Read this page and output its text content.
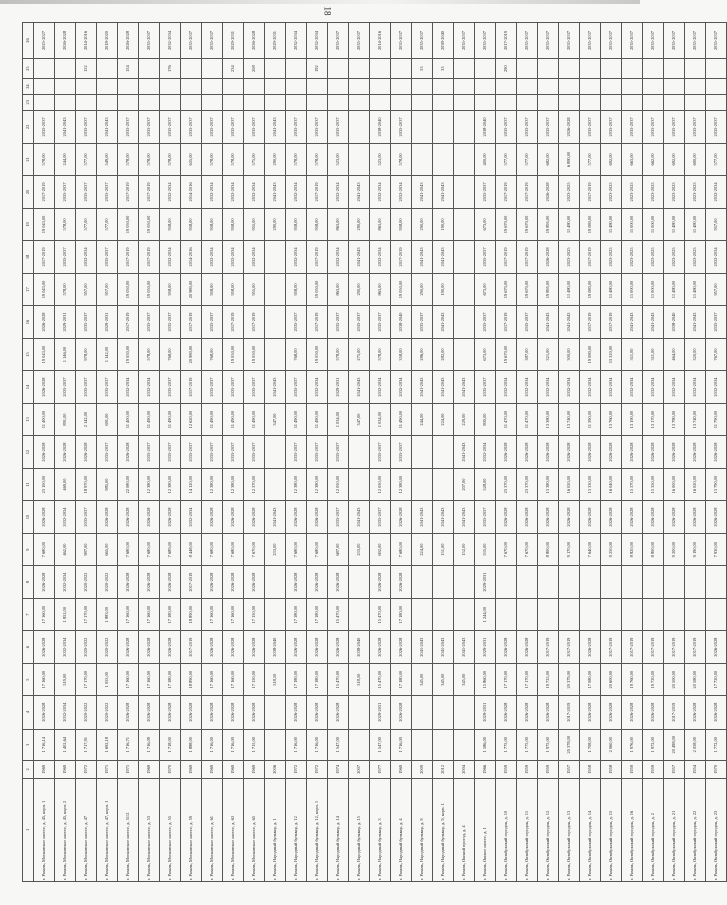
18
1	2	3	4	5	6	7	8	9	10	11	12	13	14	15	16	17	18	19	20	21	22	23	24	25	26
г. Рязань, Московское шоссе, д. 45, корп. 1	1969	1 716,14	2026-2028	17 160,00	2026-2028	17 160,00	2026-2028	7 680,00	2026-2028	23 100,00	2026-2028	11 400,00	2026-2028	19 043,00	2026-2028	19 043,00	2017-2019	19 043,00	2017-2019	578,00	2035-2037				2025-2027
г. Рязань, Московское шоссе, д. 45, корп. 2	1969	1 402,64	2032-2034	519,00	2032-2034	1 852,00	2032-2034	462,00	2032-2034	469,00	2026-2028	891,00	2035-2037	1 146,00	2029-2031	578,00	2035-2037	578,00	2035-2037	244,00	2041-2043				2026-2028
г. Рязань, Московское шоссе, д. 47	1972	1 717,91	2020-2022	17 170,00	2020-2022	17 170,00	2020-2022	987,00	2035-2037	18 970,00	2026-2028	2 142,00	2035-2037	978,00	2035-2037	957,00	2032-2034	577,00	2035-2037	577,00	2035-2037			152	2014-2016
г. Рязань, Московское шоссе, д. 47, корп. 1	1971	1 692,18	2020-2022	1 055,00	2020-2022	1 883,00	2020-2022	665,00	2026-2028	985,00	2035-2037	691,00	2035-2037	1 142,00	2029-2031	957,00	2035-2037	577,00	2035-2037	549,00	2041-2043				2018-2020
г. Рязань, Московское шоссе, д. 51/2	1971	1 716,71	2026-2028	17 160,00	2026-2028	17 160,00	2026-2028	7 680,00	2026-2028	22 080,00	2026-2028	11 400,00	2032-2034	19 050,00	2017-2019	19 050,00	2017-2019	19 050,00	2017-2019	578,00	2035-2037			154	2026-2028
г. Рязань, Московское шоссе, д. 53	1969	1 716,09	2026-2028	17 160,00	2026-2028	17 160,00	2026-2028	7 680,00	2026-2028	12 380,00	2035-2037	11 490,00	2032-2034	578,00	2035-2037	19 050,00	2017-2019	19 050,00	2017-2019	578,00	2035-2037				2035-2037
г. Рязань, Московское шоссе, д. 55	1970	1 718,00	2026-2028	17 180,00	2026-2028	17 180,00	2026-2028	7 689,00	2026-2028	12 380,00	2035-2037	11 490,00	2035-2037	768,00	2035-2037	958,00	2032-2034	958,00	2032-2034	578,00	2035-2037			176	2032-2034
г. Рязань, Московское шоссе, д. 59	1969	1 888,00	2026-2028	18 890,00	2017-2019	18 890,00	2017-2019	8 448,00	2032-2034	14 120,00	2035-2037	12 620,00	2017-2019	20 980,00	2017-2019	20 980,00	2014-2016	958,00	2014-2016	635,00	2035-2037				2035-2037
г. Рязань, Московское шоссе, д. 61	1969	1 716,00	2026-2028	17 160,00	2026-2028	17 160,00	2026-2028	7 680,00	2026-2028	12 380,00	2035-2037	11 490,00	2035-2037	768,00	2035-2037	958,00	2032-2034	958,00	2032-2034	578,00	2035-2037				2035-2037
г. Рязань, Московское шоссе, д. 63	1969	1 716,00	2026-2028	17 160,00	2026-2028	17 160,00	2026-2028	7 680,00	2026-2028	12 380,00	2035-2037	11 490,00	2035-2037	19 050,00	2017-2019	958,00	2032-2034	958,00	2032-2034	578,00	2035-2037			234	2029-2031
г. Рязань, Московское шоссе, д. 65	1969	1 715,00	2026-2028	17 150,00	2026-2028	17 150,00	2026-2028	7 670,00	2026-2028	12 370,00	2035-2037	11 490,00	2035-2037	19 050,00	2017-2019	955,00	2032-2034	955,00	2032-2034	575,00	2035-2037			208	2026-2028
г. Рязань, Народный бульвар, д. 1	2006			518,50	2038-2040			233,00	2041-2043			347,00	2041-2043					290,00	2041-2043	290,00	2041-2043				2029-2031
г. Рязань, Народный бульвар, д. 12	1972	1 716,00	2026-2028	17 180,00	2026-2028	17 180,00	2026-2028	7 680,00	2026-2028	12 380,00	2035-2037	11 490,00	2035-2037	768,00	2035-2037	958,00	2032-2034	958,00	2032-2034	578,00	2035-2037				2032-2034
г. Рязань, Народный бульвар, д. 12, корп. 1	1972	1 716,00	2026-2028	17 180,00	2026-2028	17 180,00	2026-2028	7 680,00	2026-2028	12 380,00	2035-2037	11 490,00	2032-2034	19 050,00	2017-2019	19 050,00	2017-2019	958,00	2017-2019	578,00	2035-2037			192	2032-2034
г. Рязань, Народный бульвар, д. 14	1974	1 547,00	2026-2028	15 470,00	2026-2028	15 470,00	2026-2028	687,00	2035-2037	12 050,00	2035-2037	1 034,00	2029-2031	578,00	2035-2037	863,00	2032-2034	863,00	2032-2034	523,00	2035-2037				2035-2037
г. Рязань, Народный бульвар, д. 15	2007			518,50	2038-2040			233,00	2041-2043			347,00	2041-2043	275,00	2035-2037	290,00	2041-2043	290,00	2041-2043						2035-2037
г. Рязань, Народный бульвар, д. 3	1977	1 547,00	2029-2031	15 470,00	2026-2028	15 470,00	2026-2028	692,00	2035-2037	12 050,00	2035-2037	1 034,00	2032-2034	578,00	2035-2037	863,00	2032-2034	863,00	2032-2034	523,00	2038-2040				2014-2016
г. Рязань, Народный бульвар, д. 4	1969	1 716,00	2026-2028	17 180,00	2026-2028	17 180,00	2026-2028	7 680,00	2026-2028	12 380,00	2035-2037	11 490,00	2032-2034	358,00	2038-2040	19 050,00	2017-2019	958,00	2032-2034	578,00	2035-2037				2035-2037
г. Рязань, Народный бульвар, д. 9	2009			345,00	2041-2043			224,00	2041-2043			244,00	2041-2043	286,00	2035-2037	290,00	2041-2043	290,00	2041-2043					53	2035-2037
г. Рязань, Народный бульвар, д. 9, корп. 1	2012			345,00	2041-2043			151,00	2041-2043			224,00	2041-2043	282,00	2041-2043	190,00	2041-2043	190,00	2041-2043					33	2038-2040
г. Рязань, Окский проезд, д. 4	2004			345,00	2041-2043			152,00	2041-2043	207,00	2041-2043	229,00	2041-2043												2035-2037
г. Рязань, Окское шоссе, д. 1	1966	1 586,00	2029-2031	15 860,00	2029-2031	1 244,00	2029-2031	535,00	2035-2037	528,00	2032-2034	800,00	2035-2037	673,00	2035-2037	673,00	2035-2037	673,00	2035-2037	400,00	2038-2040				2035-2037
г. Рязань, Октябрьский городок, д. 10	1959	1 775,00	2026-2028	17 170,00	2026-2028			7 670,00	2026-2028	23 370,00	2026-2028	11 470,00	2032-2034	19 670,00	2017-2019	19 670,00	2017-2019	19 670,00	2017-2019	577,00	2035-2037			290	2017-2019
г. Рязань, Октябрьский городок, д. 11	1959	1 775,00	2026-2028	17 170,00	2026-2028			7 670,00	2026-2028	23 370,00	2026-2028	11 470,00	2032-2034	387,00	2035-2037	19 670,00	2017-2019	19 670,00	2017-2019	577,00	2035-2037				2035-2037
г. Рязань, Октябрьский городок, д. 12	1959	1 975,00	2026-2028	19 725,00	2017-2019			8 800,00	2026-2028	13 380,00	2026-2028	13 380,00	2032-2034	321,00	2041-2043	19 895,00	2026-2028	19 895,00	2026-2028	682,00	2035-2037				2035-2037
г. Рязань, Октябрьский городок, д. 13	1957	20 378,00	2017-2019	20 379,00	2017-2019			9 170,00	2026-2028	16 020,00	2026-2028	13 740,00	2032-2034	300,00	2041-2043	11 480,00	2023-2025	11 480,00	2023-2025	6 880,00	2026-2028				2035-2037
г. Рязань, Октябрьский городок, д. 14	1958	1 708,00	2026-2028	17 080,00	2026-2028			7 640,00	2026-2028	13 330,00	2026-2028	11 390,00	2032-2034	19 080,00	2017-2019	19 080,00	2017-2019	19 080,00	2017-2019	577,00	2035-2037				2035-2037
г. Рязань, Октябрьский городок, д. 15	1958	2 060,00	2026-2028	20 600,00	2017-2019			9 250,00	2026-2028	16 040,00	2026-2028	13 760,00	2032-2034	53 320,00	2017-2019	11 480,00	2023-2025	11 480,00	2023-2025	692,00	2035-2037				2035-2037
г. Рязань, Октябрьский городок, д. 16	1959	1 976,00	2026-2028	19 760,00	2017-2019			8 820,00	2026-2028	15 370,00	2026-2028	13 190,00	2032-2034	311,00	2041-2043	11 000,00	2023-2025	11 000,00	2023-2025	663,00	2035-2037				2035-2037
г. Рязань, Октябрьский городок, д. 2	1959	1 972,00	2026-2028	19 720,00	2017-2019			8 800,00	2026-2028	15 350,00	2026-2028	13 170,00	2032-2034	311,00	2041-2043	11 000,00	2023-2025	11 000,00	2023-2025	662,00	2035-2037				2035-2037
г. Рязань, Октябрьский городок, д. 21	1957	20 498,00	2017-2019	20 500,00	2017-2019			9 200,00	2026-2028	16 000,00	2026-2028	13 780,00	2032-2034	464,00	2038-2040	11 480,00	2023-2025	11 480,00	2023-2025	692,00	2035-2037				2035-2037
г. Рязань, Октябрьский городок, д. 22	1954	2 058,00	2026-2028	20 580,00	2017-2019			9 190,00	2026-2028	16 020,00	2026-2028	13 740,00	2032-2034	320,00	2041-2043	11 480,00	2023-2025	11 480,00	2023-2025	690,00	2035-2037				2035-2037
г. Рязань, Октябрьский городок, д. 23	1970	1 772,00	2026-2028	17 720,00	2026-2028			7 930,00	2026-2028	13 790,00	2026-2028	11 790,00	2032-2034	767,00	2035-2037	957,00	2032-2034	957,00	2032-2034	577,00	2035-2037				2035-2037
